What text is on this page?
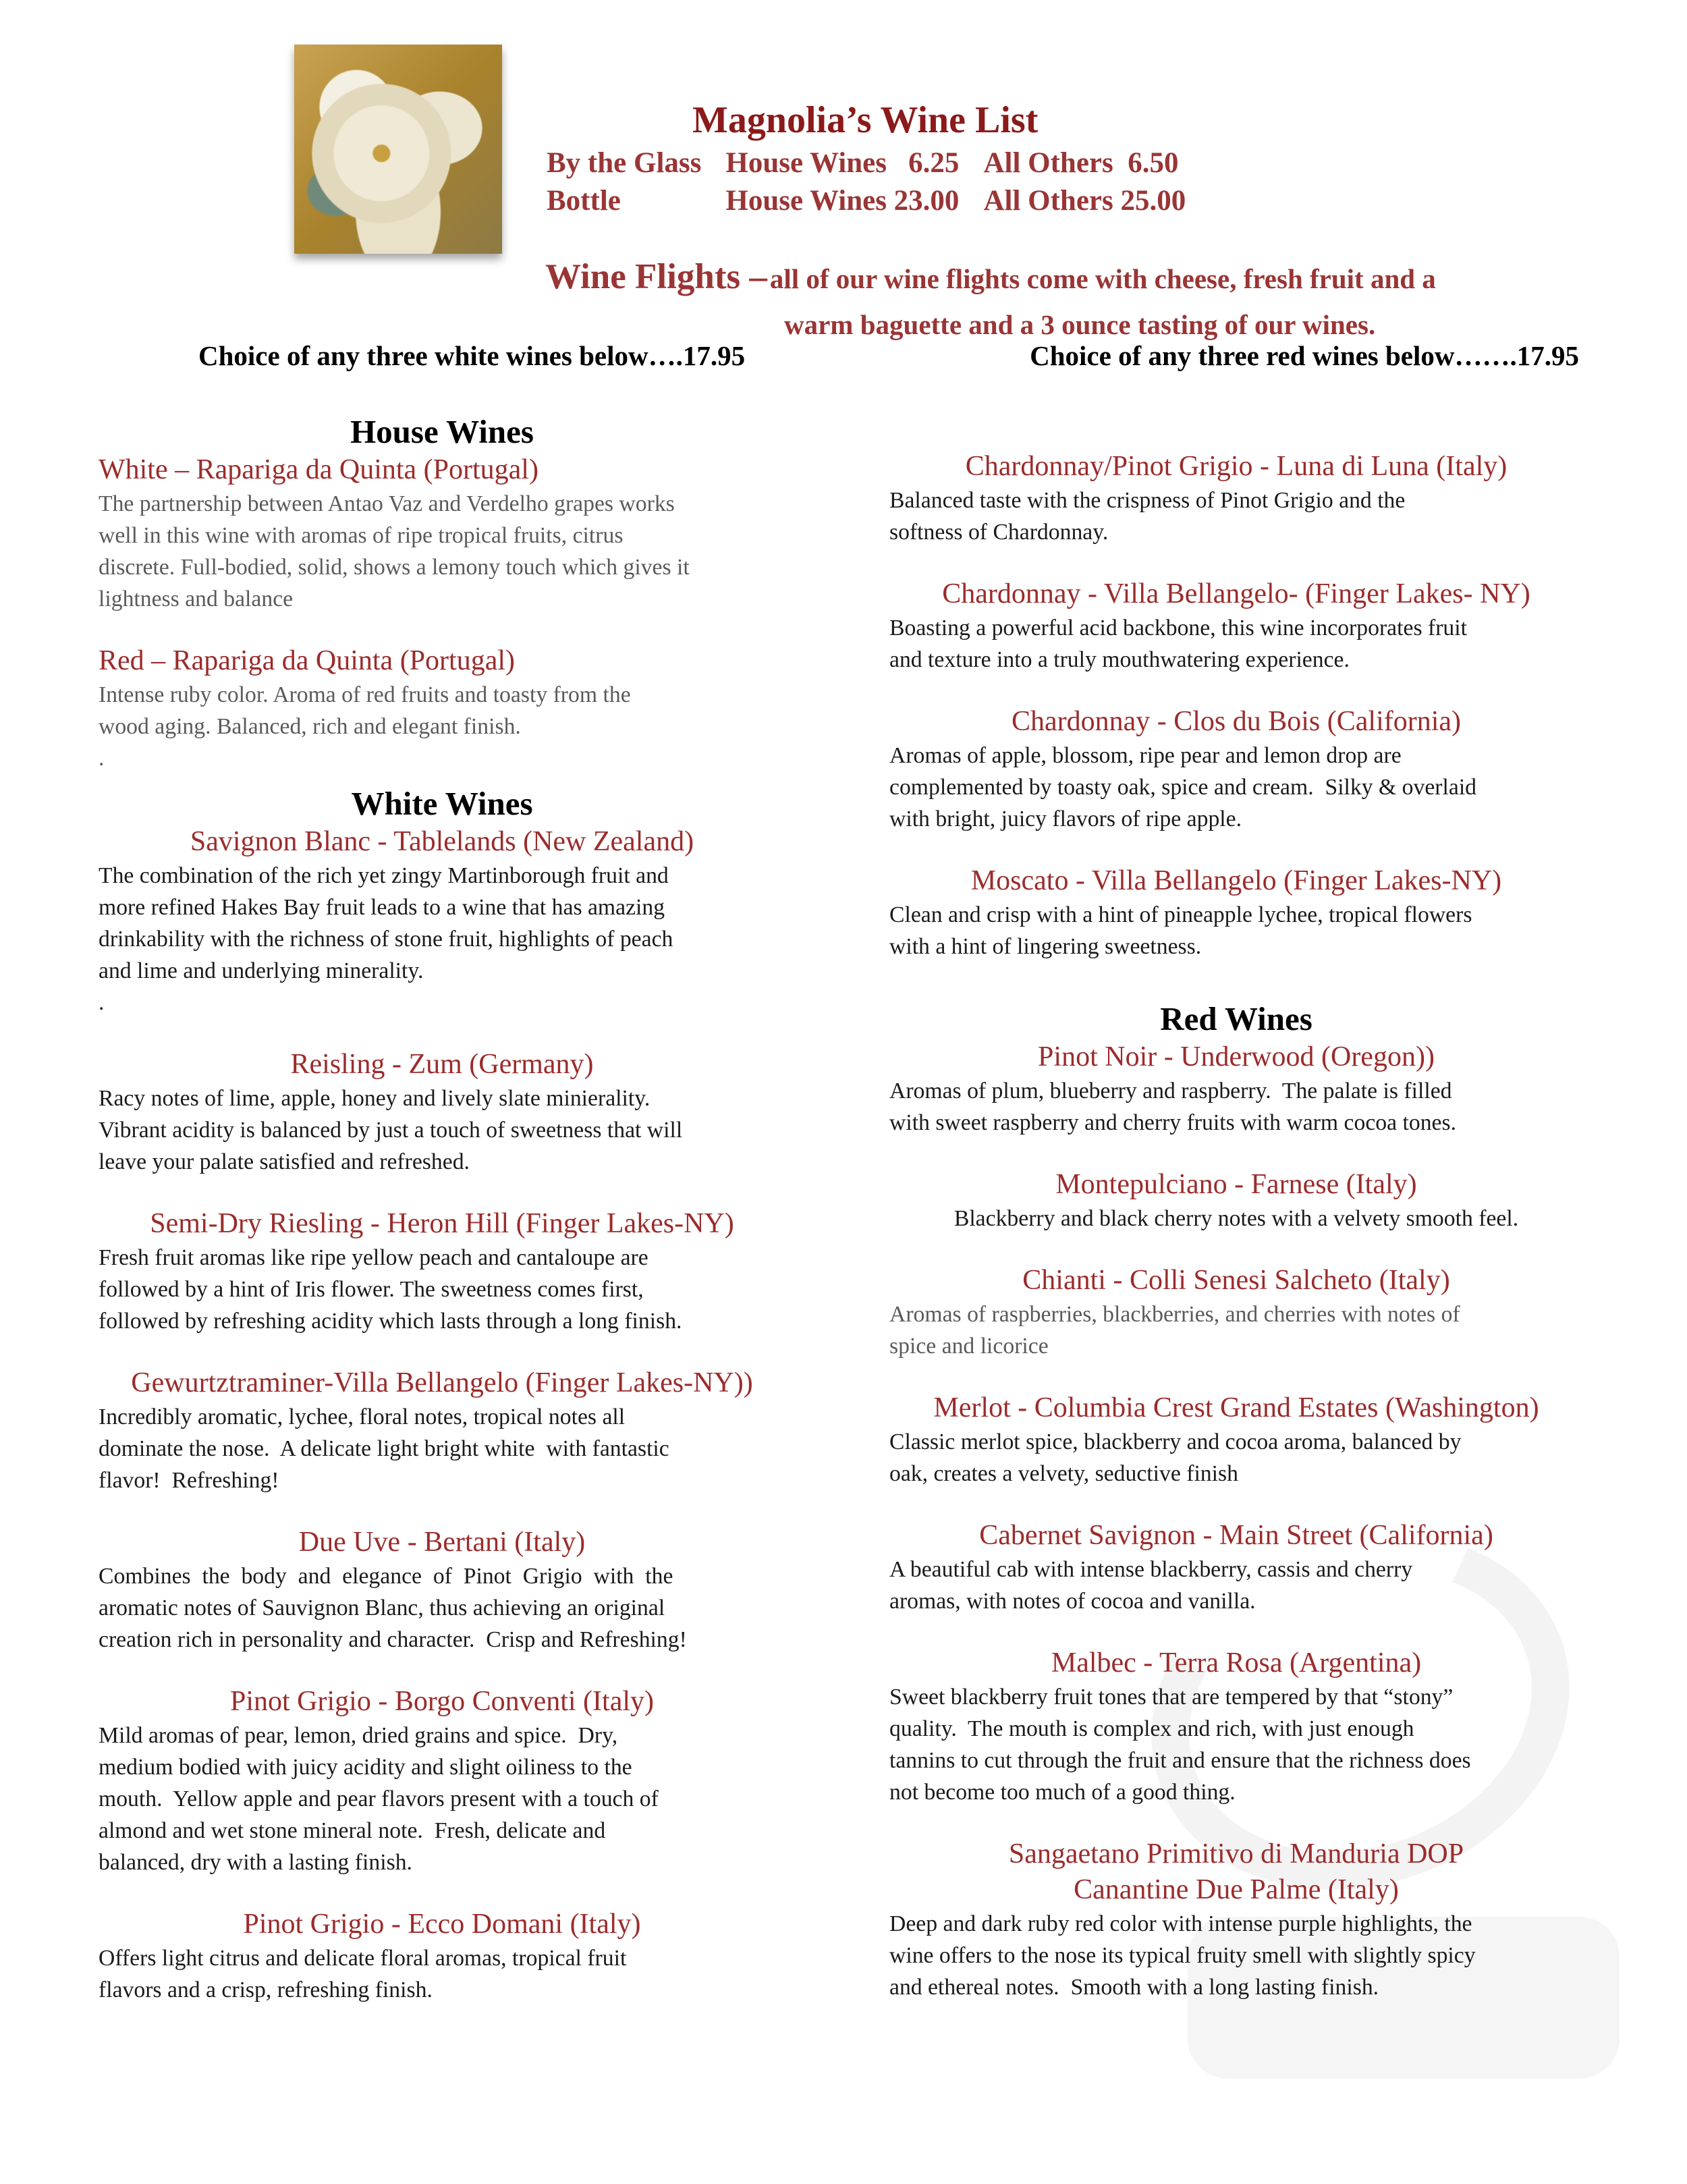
Magnolia’s Wine List
By the Glass House Wines   6.25 All Others  6.50
Bottle	House Wines 23.00 All Others 25.00
Wine Flights – all of our wine flights come with cheese, fresh fruit and a
warm baguette and a 3 ounce tasting of our wines.
Choice of any three white wines below….17.95	Choice of any three red wines below…….17.95
House Wines
White – Rapariga da Quinta (Portugal)
The partnership between Antao Vaz and Verdelho grapes works
well in this wine with aromas of ripe tropical fruits, citrus
discrete. Full-bodied, solid, shows a lemony touch which gives it
lightness and balance
Red – Rapariga da Quinta (Portugal)
Intense ruby color. Aroma of red fruits and toasty from the
wood aging. Balanced, rich and elegant finish.
.
White Wines
Savignon Blanc - Tablelands (New Zealand)
The combination of the rich yet zingy Martinborough fruit and
more refined Hakes Bay fruit leads to a wine that has amazing
drinkability with the richness of stone fruit, highlights of peach
and lime and underlying minerality.
.
Reisling - Zum (Germany)
Racy notes of lime, apple, honey and lively slate minierality.
Vibrant acidity is balanced by just a touch of sweetness that will
leave your palate satisfied and refreshed.
Semi-Dry Riesling - Heron Hill (Finger Lakes-NY)
Fresh fruit aromas like ripe yellow peach and cantaloupe are
followed by a hint of Iris flower. The sweetness comes first,
followed by refreshing acidity which lasts through a long finish.
Gewurtztraminer-Villa Bellangelo (Finger Lakes-NY))
Incredibly aromatic, lychee, floral notes, tropical notes all
dominate the nose.  A delicate light bright white  with fantastic
flavor!  Refreshing!
Due Uve - Bertani (Italy)
Combines  the  body  and  elegance  of  Pinot  Grigio  with  the
aromatic notes of Sauvignon Blanc, thus achieving an original
creation rich in personality and character.  Crisp and Refreshing!
Pinot Grigio - Borgo Conventi (Italy)
Mild aromas of pear, lemon, dried grains and spice.  Dry,
medium bodied with juicy acidity and slight oiliness to the
mouth.  Yellow apple and pear flavors present with a touch of
almond and wet stone mineral note.  Fresh, delicate and
balanced, dry with a lasting finish.
Pinot Grigio - Ecco Domani (Italy)
Offers light citrus and delicate floral aromas, tropical fruit
flavors and a crisp, refreshing finish.
Chardonnay/Pinot Grigio - Luna di Luna (Italy)
Balanced taste with the crispness of Pinot Grigio and the
softness of Chardonnay.
Chardonnay - Villa Bellangelo- (Finger Lakes- NY)
Boasting a powerful acid backbone, this wine incorporates fruit
and texture into a truly mouthwatering experience.
Chardonnay - Clos du Bois (California)
Aromas of apple, blossom, ripe pear and lemon drop are
complemented by toasty oak, spice and cream.  Silky & overlaid
with bright, juicy flavors of ripe apple.
Moscato - Villa Bellangelo (Finger Lakes-NY)
Clean and crisp with a hint of pineapple lychee, tropical flowers
with a hint of lingering sweetness.
Red Wines
Pinot Noir - Underwood (Oregon))
Aromas of plum, blueberry and raspberry.  The palate is filled
with sweet raspberry and cherry fruits with warm cocoa tones.
Montepulciano - Farnese (Italy)
Blackberry and black cherry notes with a velvety smooth feel.
Chianti - Colli Senesi Salcheto (Italy)
Aromas of raspberries, blackberries, and cherries with notes of
spice and licorice
Merlot - Columbia Crest Grand Estates (Washington)
Classic merlot spice, blackberry and cocoa aroma, balanced by
oak, creates a velvety, seductive finish
Cabernet Savignon - Main Street (California)
A beautiful cab with intense blackberry, cassis and cherry
aromas, with notes of cocoa and vanilla.
Malbec - Terra Rosa (Argentina)
Sweet blackberry fruit tones that are tempered by that “stony”
quality.  The mouth is complex and rich, with just enough
tannins to cut through the fruit and ensure that the richness does
not become too much of a good thing.
Sangaetano Primitivo di Manduria DOP
Canantine Due Palme (Italy)
Deep and dark ruby red color with intense purple highlights, the
wine offers to the nose its typical fruity smell with slightly spicy
and ethereal notes.  Smooth with a long lasting finish.
